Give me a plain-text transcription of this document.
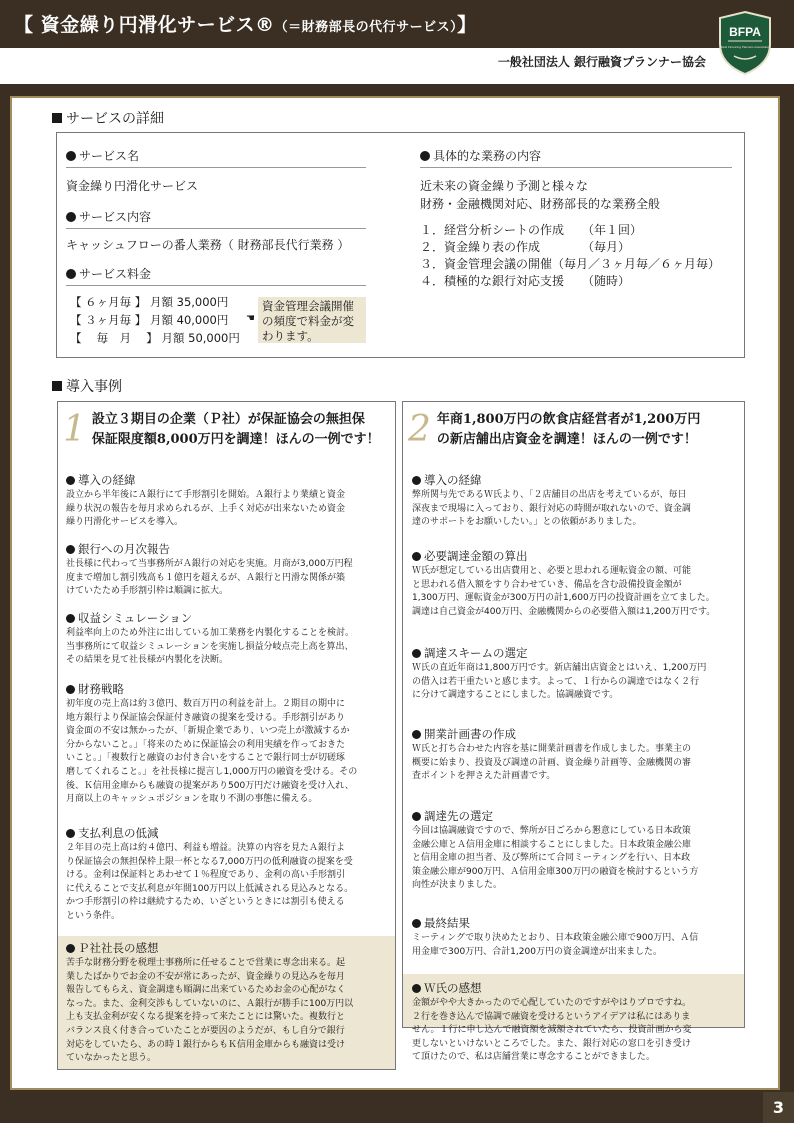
【 資金繰り円滑化サービス®（＝財務部長の代行サービス）】	BFPA
Bank Financing Planners Association
一般社団法人 銀行融資プランナー協会
サービスの詳細
サービス名
資金繰り円滑化サービス
サービス内容
キャッシュフローの番人業務（ 財務部長代行業務 ）
サービス料金
【 ６ヶ月毎 】 月額 35,000円
【 ３ヶ月毎 】 月額 40,000円
【　 毎　月 　】 月額 50,000円
☚
資金管理会議開催の頻度で料金が変わります。
具体的な業務の内容
近未来の資金繰り予測と様々な
財務・金融機関対応、財務部長的な業務全般
１．経営分析シートの作成　　（年１回）
２．資金繰り表の作成　　　　（毎月）
３．資金管理会議の開催（毎月／３ヶ月毎／６ヶ月毎）
４．積極的な銀行対応支援　　（随時）
導入事例
1 設立３期目の企業（Ｐ社）が保証協会の無担保
保証限度額8,000万円を調達！ほんの一例です！ 2 年商1,800万円の飲食店経営者が1,200万円
の新店舗出店資金を調達！ほんの一例です！
導入の経緯
設立から半年後にＡ銀行にて手形割引を開始。Ａ銀行より業績と資金
繰り状況の報告を毎月求められるが、上手く対応が出来ないため資金
繰り円滑化サービスを導入。
銀行への月次報告
社長様に代わって当事務所がＡ銀行の対応を実施。月商が3,000万円程
度まで増加し割引残高も１億円を超えるが、Ａ銀行と円滑な関係が築
けていたため手形割引枠は順調に拡大。
収益シミュレーション
利益率向上のため外注に出している加工業務を内製化することを検討。
当事務所にて収益シミュレーションを実施し損益分岐点売上高を算出、
その結果を見て社長様が内製化を決断。
財務戦略
初年度の売上高は約３億円、数百万円の利益を計上。２期目の期中に
地方銀行より保証協会保証付き融資の提案を受ける。手形割引があり
資金面の不安は無かったが、「新規企業であり、いつ売上が激減するか
分からないこと。」「将来のために保証協会の利用実績を作っておきた
いこと。」「複数行と融資のお付き合いをすることで銀行同士が切磋琢
磨してくれること。」を社長様に提言し1,000万円の融資を受ける。その
後、Ｋ信用金庫からも融資の提案があり500万円だけ融資を受け入れ、
月商以上のキャッシュポジションを取り不測の事態に備える。
支払利息の低減
２年目の売上高は約４億円、利益も増益。決算の内容を見たＡ銀行よ
り保証協会の無担保枠上限一杯となる7,000万円の低利融資の提案を受
ける。金利は保証料とあわせて１％程度であり、金利の高い手形割引
に代えることで支払利息が年間100万円以上低減される見込みとなる。
かつ手形割引の枠は継続するため、いざというときには割引も使える
という条件。
Ｐ社社長の感想
苦手な財務分野を税理士事務所に任せることで営業に専念出来る。起
業したばかりでお金の不安が常にあったが、資金繰りの見込みを毎月
報告してもらえ、資金調達も順調に出来ているためお金の心配がなく
なった。また、金利交渉もしていないのに、Ａ銀行が勝手に100万円以
上も支払金利が安くなる提案を持って来たことには驚いた。複数行と
バランス良く付き合っていたことが要因のようだが、もし自分で銀行
対応をしていたら、あの時１銀行からもＫ信用金庫からも融資は受け
ていなかったと思う。
導入の経緯
弊所関与先であるＷ氏より、「２店舗目の出店を考えているが、毎日
深夜まで現場に入っており、銀行対応の時間が取れないので、資金調
達のサポートをお願いしたい。」との依頼がありました。
必要調達金額の算出
Ｗ氏が想定している出店費用と、必要と思われる運転資金の額、可能
と思われる借入額をすり合わせていき、備品を含む設備投資金額が
1,300万円、運転資金が300万円の計1,600万円の投資計画を立てました。
調達は自己資金が400万円、金融機関からの必要借入額は1,200万円です。
調達スキームの選定
Ｗ氏の直近年商は1,800万円です。新店舗出店資金とはいえ、1,200万円
の借入は若干重たいと感じます。よって、１行からの調達ではなく２行
に分けて調達することにしました。協調融資です。
開業計画書の作成
Ｗ氏と打ち合わせた内容を基に開業計画書を作成しました。事業主の
概要に始まり、投資及び調達の計画、資金繰り計画等、金融機関の審
査ポイントを押さえた計画書です。
調達先の選定
今回は協調融資ですので、弊所が日ごろから懇意にしている日本政策
金融公庫とＡ信用金庫に相談することにしました。日本政策金融公庫
と信用金庫の担当者、及び弊所にて合同ミーティングを行い、日本政
策金融公庫が900万円、Ａ信用金庫300万円の融資を検討するという方
向性が決まりました。
最終結果
ミーティングで取り決めたとおり、日本政策金融公庫で900万円、Ａ信
用金庫で300万円、合計1,200万円の資金調達が出来ました。
Ｗ氏の感想
金額がやや大きかったので心配していたのですがやはりプロですね。
２行を巻き込んで協調で融資を受けるというアイデアは私にはありま
せん。１行に申し込んで融資額を減額されていたら、投資計画から変
更しないといけないところでした。また、銀行対応の窓口を引き受け
て頂けたので、私は店舗営業に専念することができました。
3
